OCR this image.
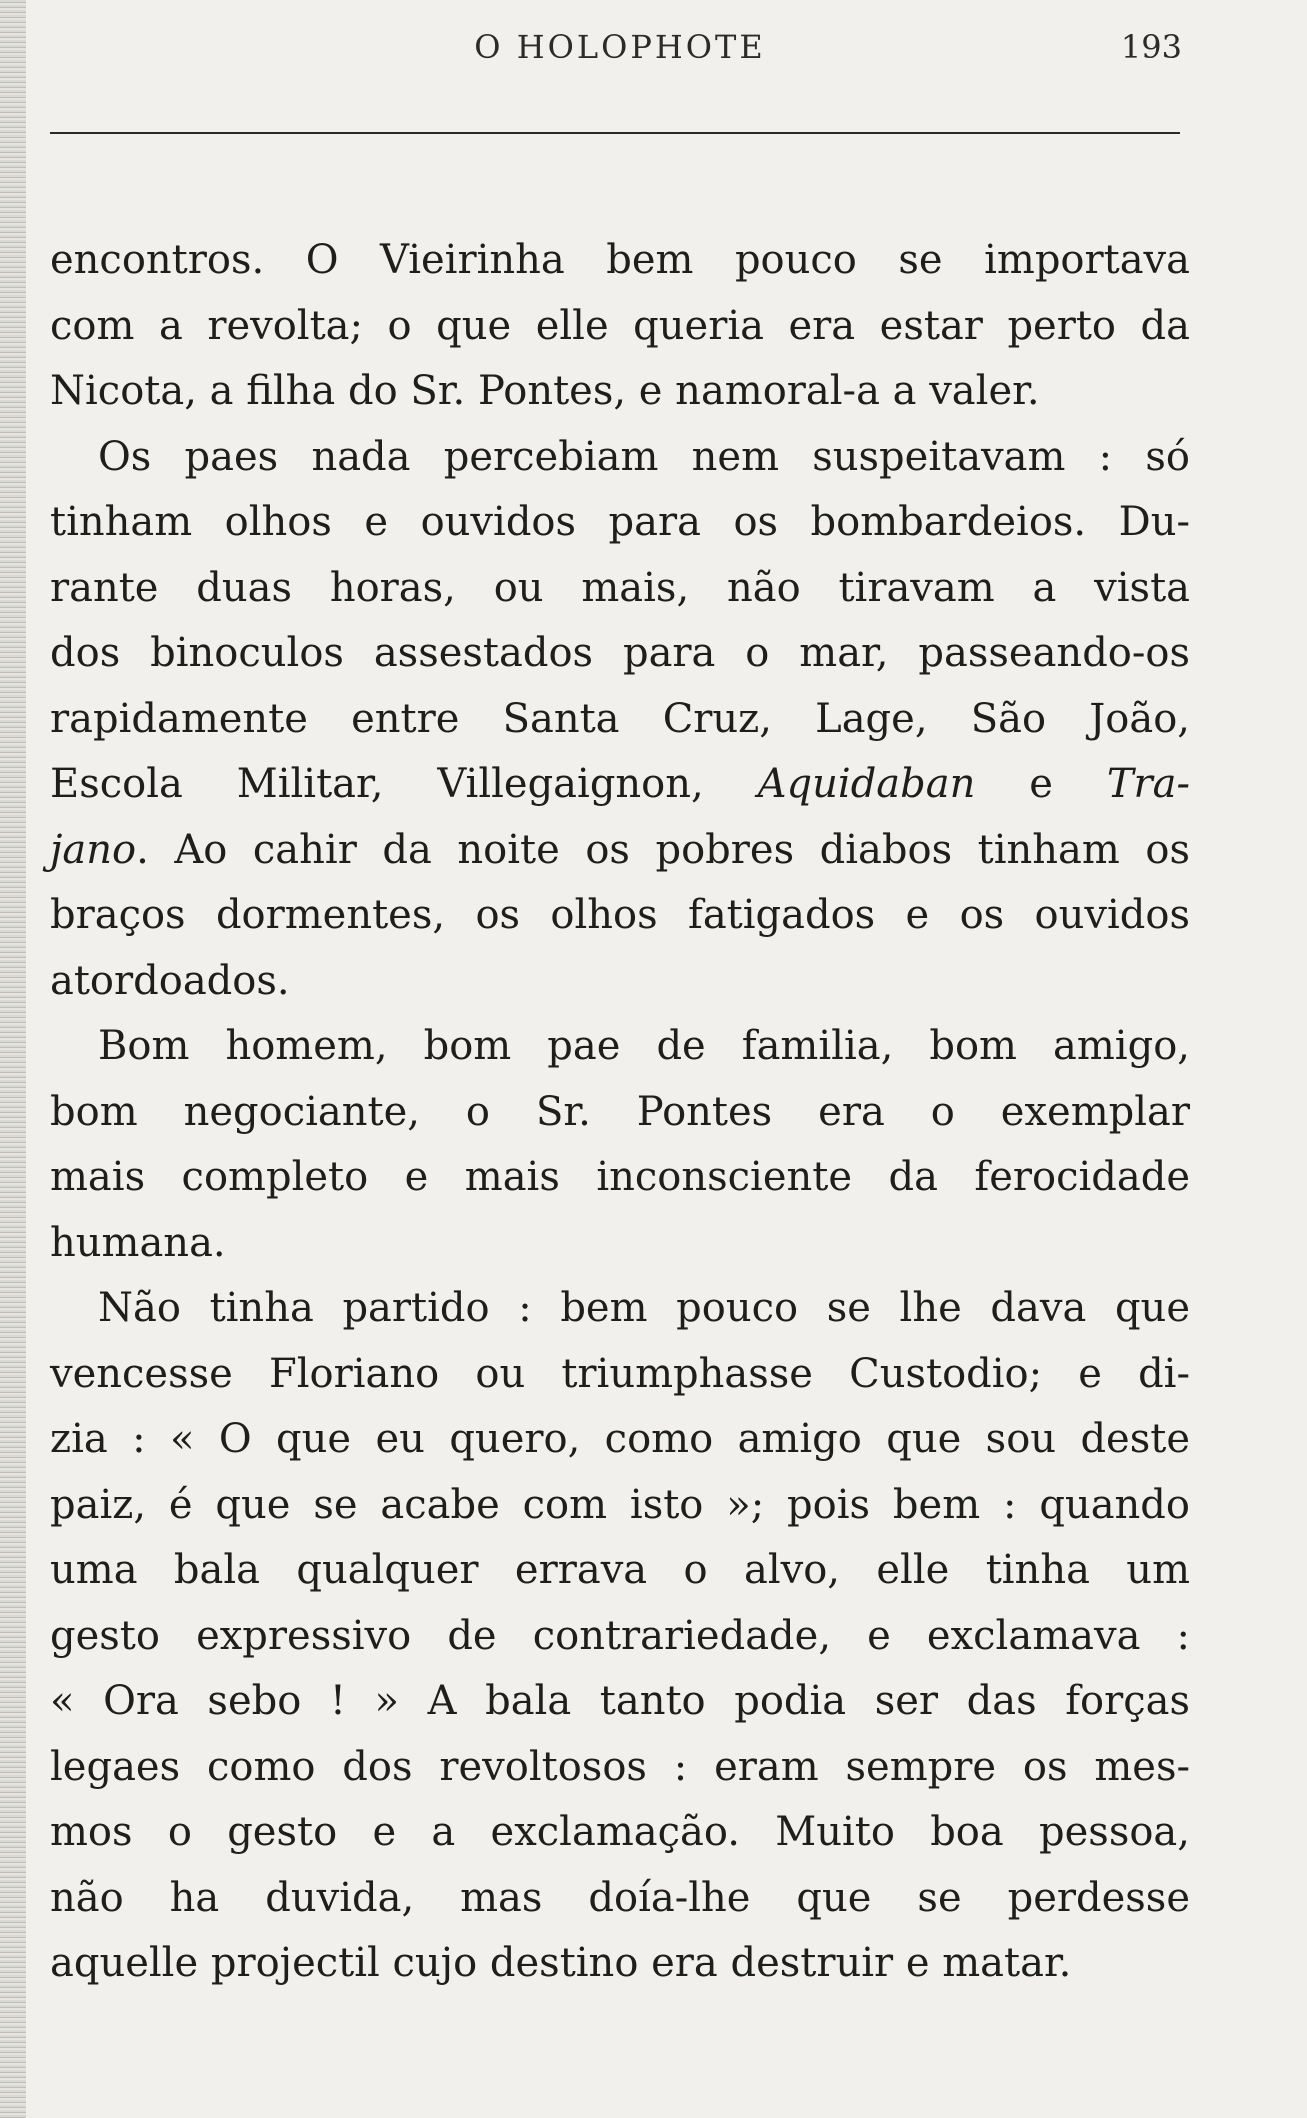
O HOLOPHOTE	193
encontros. O Vieirinha bem pouco se importava
com a revolta; o que elle queria era estar perto da
Nicota, a filha do Sr. Pontes, e namoral-a a valer.
Os paes nada percebiam nem suspeitavam : só
tinham olhos e ouvidos para os bombardeios. Du-
rante duas horas, ou mais, não tiravam a vista
dos binoculos assestados para o mar, passeando-os
rapidamente entre Santa Cruz, Lage, São João,
Escola Militar, Villegaignon, Aquidaban e Tra-
jano. Ao cahir da noite os pobres diabos tinham os
braços dormentes, os olhos fatigados e os ouvidos
atordoados.
Bom homem, bom pae de familia, bom amigo,
bom negociante, o Sr. Pontes era o exemplar
mais completo e mais inconsciente da ferocidade
humana.
Não tinha partido : bem pouco se lhe dava que
vencesse Floriano ou triumphasse Custodio; e di-
zia : « O que eu quero, como amigo que sou deste
paiz, é que se acabe com isto »; pois bem : quando
uma bala qualquer errava o alvo, elle tinha um
gesto expressivo de contrariedade, e exclamava :
« Ora sebo ! » A bala tanto podia ser das forças
legaes como dos revoltosos : eram sempre os mes-
mos o gesto e a exclamação. Muito boa pessoa,
não ha duvida, mas doía-lhe que se perdesse
aquelle projectil cujo destino era destruir e matar.
